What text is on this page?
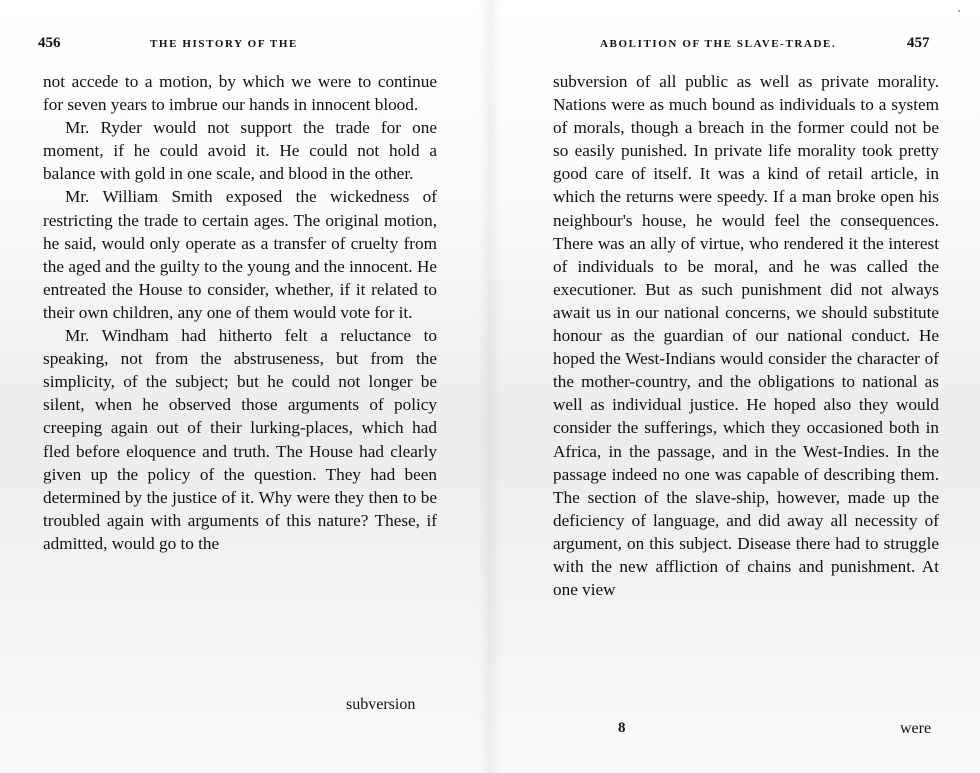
456	THE HISTORY OF THE

not accede to a motion, by which we were to continue for seven years to imbrue our hands in innocent blood.

Mr. Ryder would not support the trade for one moment, if he could avoid it. He could not hold a balance with gold in one scale, and blood in the other.

Mr. William Smith exposed the wickedness of restricting the trade to certain ages. The original motion, he said, would only operate as a transfer of cruelty from the aged and the guilty to the young and the innocent. He entreated the House to consider, whether, if it related to their own children, any one of them would vote for it.

Mr. Windham had hitherto felt a reluctance to speaking, not from the abstruseness, but from the simplicity, of the subject; but he could not longer be silent, when he observed those arguments of policy creeping again out of their lurking-places, which had fled before eloquence and truth. The House had clearly given up the policy of the question. They had been determined by the justice of it. Why were they then to be troubled again with arguments of this nature? These, if admitted, would go to the

subversion
ABOLITION OF THE SLAVE-TRADE.	457

subversion of all public as well as private morality. Nations were as much bound as individuals to a system of morals, though a breach in the former could not be so easily punished. In private life morality took pretty good care of itself. It was a kind of retail article, in which the returns were speedy. If a man broke open his neighbour's house, he would feel the consequences. There was an ally of virtue, who rendered it the interest of individuals to be moral, and he was called the executioner. But as such punishment did not always await us in our national concerns, we should substitute honour as the guardian of our national conduct. He hoped the West-Indians would consider the character of the mother-country, and the obligations to national as well as individual justice. He hoped also they would consider the sufferings, which they occasioned both in Africa, in the passage, and in the West-Indies. In the passage indeed no one was capable of describing them. The section of the slave-ship, however, made up the deficiency of language, and did away all necessity of argument, on this subject. Disease there had to struggle with the new affliction of chains and punishment. At one view

8	were
